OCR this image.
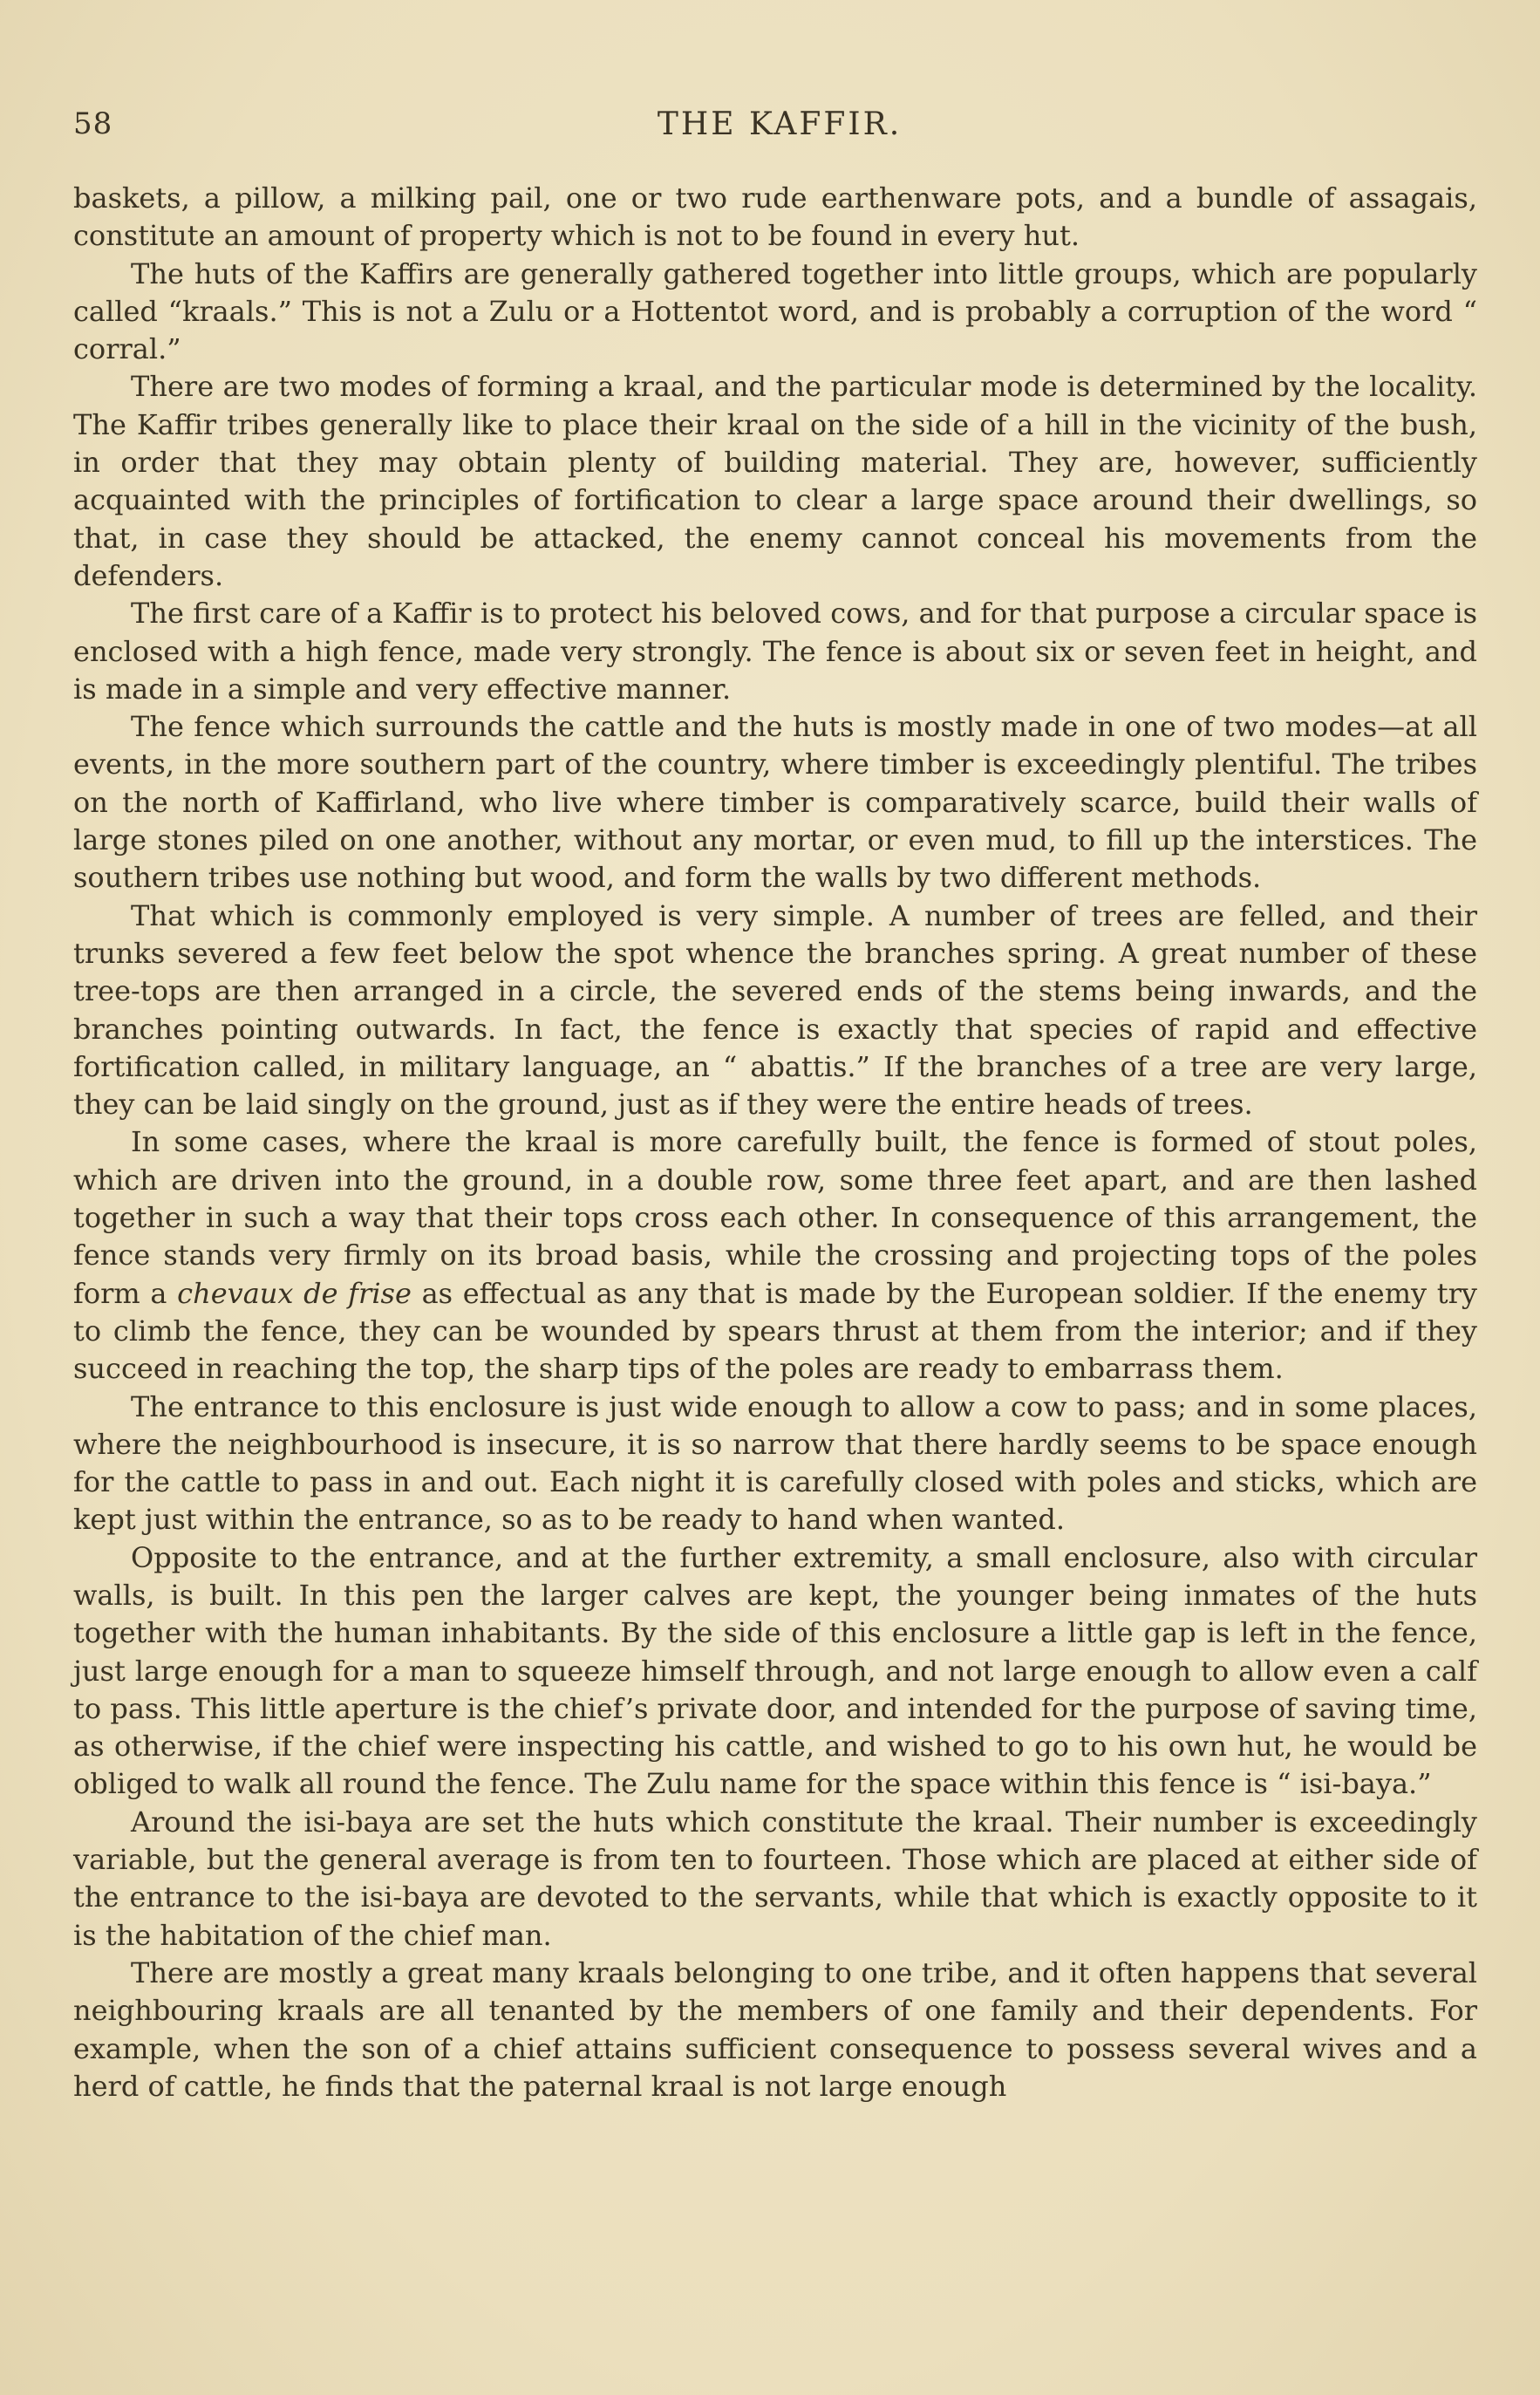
58	THE KAFFIR.

baskets, a pillow, a milking pail, one or two rude earthenware pots, and a bundle of assagais, constitute an amount of property which is not to be found in every hut.

The huts of the Kaffirs are generally gathered together into little groups, which are popularly called “kraals.” This is not a Zulu or a Hottentot word, and is probably a corruption of the word “ corral.”

There are two modes of forming a kraal, and the particular mode is determined by the locality. The Kaffir tribes generally like to place their kraal on the side of a hill in the vicinity of the bush, in order that they may obtain plenty of building material. They are, however, sufficiently acquainted with the principles of fortification to clear a large space around their dwellings, so that, in case they should be attacked, the enemy cannot conceal his movements from the defenders.

The first care of a Kaffir is to protect his beloved cows, and for that purpose a circular space is enclosed with a high fence, made very strongly. The fence is about six or seven feet in height, and is made in a simple and very effective manner.

The fence which surrounds the cattle and the huts is mostly made in one of two modes—at all events, in the more southern part of the country, where timber is exceedingly plentiful. The tribes on the north of Kaffirland, who live where timber is comparatively scarce, build their walls of large stones piled on one another, without any mortar, or even mud, to fill up the interstices. The southern tribes use nothing but wood, and form the walls by two different methods.

That which is commonly employed is very simple. A number of trees are felled, and their trunks severed a few feet below the spot whence the branches spring. A great number of these tree-tops are then arranged in a circle, the severed ends of the stems being inwards, and the branches pointing outwards. In fact, the fence is exactly that species of rapid and effective fortification called, in military language, an “ abattis.” If the branches of a tree are very large, they can be laid singly on the ground, just as if they were the entire heads of trees.

In some cases, where the kraal is more carefully built, the fence is formed of stout poles, which are driven into the ground, in a double row, some three feet apart, and are then lashed together in such a way that their tops cross each other. In consequence of this arrangement, the fence stands very firmly on its broad basis, while the crossing and projecting tops of the poles form a chevaux de frise as effectual as any that is made by the European soldier. If the enemy try to climb the fence, they can be wounded by spears thrust at them from the interior; and if they succeed in reaching the top, the sharp tips of the poles are ready to embarrass them.

The entrance to this enclosure is just wide enough to allow a cow to pass; and in some places, where the neighbourhood is insecure, it is so narrow that there hardly seems to be space enough for the cattle to pass in and out. Each night it is carefully closed with poles and sticks, which are kept just within the entrance, so as to be ready to hand when wanted.

Opposite to the entrance, and at the further extremity, a small enclosure, also with circular walls, is built. In this pen the larger calves are kept, the younger being inmates of the huts together with the human inhabitants. By the side of this enclosure a little gap is left in the fence, just large enough for a man to squeeze himself through, and not large enough to allow even a calf to pass. This little aperture is the chief’s private door, and intended for the purpose of saving time, as otherwise, if the chief were inspecting his cattle, and wished to go to his own hut, he would be obliged to walk all round the fence. The Zulu name for the space within this fence is “ isi-baya.”

Around the isi-baya are set the huts which constitute the kraal. Their number is exceedingly variable, but the general average is from ten to fourteen. Those which are placed at either side of the entrance to the isi-baya are devoted to the servants, while that which is exactly opposite to it is the habitation of the chief man.

There are mostly a great many kraals belonging to one tribe, and it often happens that several neighbouring kraals are all tenanted by the members of one family and their dependents. For example, when the son of a chief attains sufficient consequence to possess several wives and a herd of cattle, he finds that the paternal kraal is not large enough
